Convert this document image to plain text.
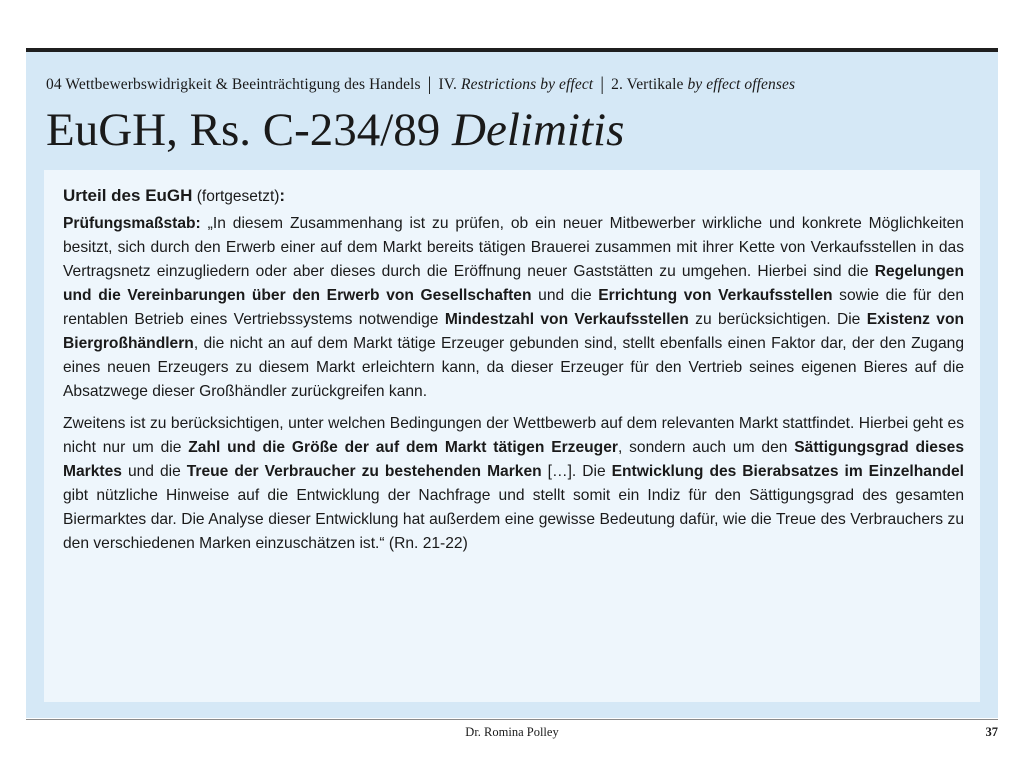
04 Wettbewerbswidrigkeit & Beeinträchtigung des Handels | IV. Restrictions by effect | 2. Vertikale by effect offenses
EuGH, Rs. C-234/89 Delimitis
Urteil des EuGH (fortgesetzt):

Prüfungsmaßstab: „In diesem Zusammenhang ist zu prüfen, ob ein neuer Mitbewerber wirkliche und konkrete Möglichkeiten besitzt, sich durch den Erwerb einer auf dem Markt bereits tätigen Brauerei zusammen mit ihrer Kette von Verkaufsstellen in das Vertragsnetz einzugliedern oder aber dieses durch die Eröffnung neuer Gaststätten zu umgehen. Hierbei sind die Regelungen und die Vereinbarungen über den Erwerb von Gesellschaften und die Errichtung von Verkaufsstellen sowie die für den rentablen Betrieb eines Vertriebssystems notwendige Mindestzahl von Verkaufsstellen zu berücksichtigen. Die Existenz von Biergroßhändlern, die nicht an auf dem Markt tätige Erzeuger gebunden sind, stellt ebenfalls einen Faktor dar, der den Zugang eines neuen Erzeugers zu diesem Markt erleichtern kann, da dieser Erzeuger für den Vertrieb seines eigenen Bieres auf die Absatzwege dieser Großhändler zurückgreifen kann.

Zweitens ist zu berücksichtigen, unter welchen Bedingungen der Wettbewerb auf dem relevanten Markt stattfindet. Hierbei geht es nicht nur um die Zahl und die Größe der auf dem Markt tätigen Erzeuger, sondern auch um den Sättigungsgrad dieses Marktes und die Treue der Verbraucher zu bestehenden Marken […]. Die Entwicklung des Bierabsatzes im Einzelhandel gibt nützliche Hinweise auf die Entwicklung der Nachfrage und stellt somit ein Indiz für den Sättigungsgrad des gesamten Biermarktes dar. Die Analyse dieser Entwicklung hat außerdem eine gewisse Bedeutung dafür, wie die Treue des Verbrauchers zu den verschiedenen Marken einzuschätzen ist.“ (Rn. 21-22)

Dr. Romina Polley	37
